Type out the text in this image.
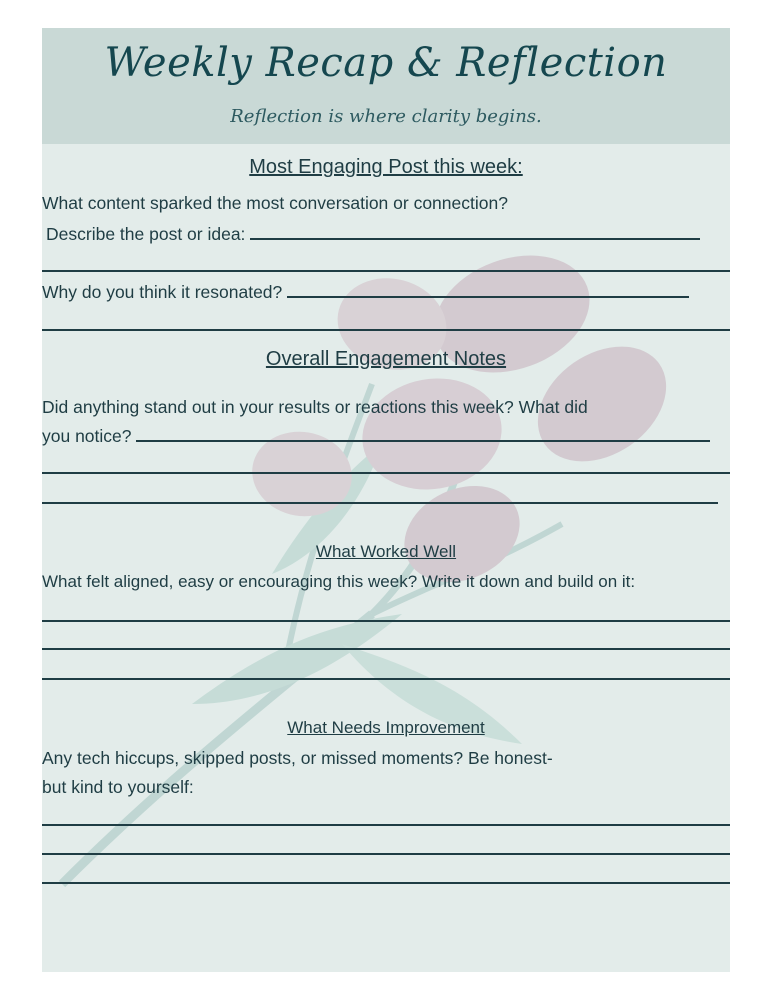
Weekly Recap & Reflection
Reflection is where clarity begins.
Most Engaging Post this week:
What content sparked the most conversation or connection?
Describe the post or idea:
Why do you think it resonated?
Overall Engagement Notes
Did anything stand out in your results or reactions this week? What did
you notice?
What Worked Well
What felt aligned, easy or encouraging this week? Write it down and build on it:
What Needs Improvement
Any tech hiccups, skipped posts, or missed moments? Be honest-
but kind to yourself:
